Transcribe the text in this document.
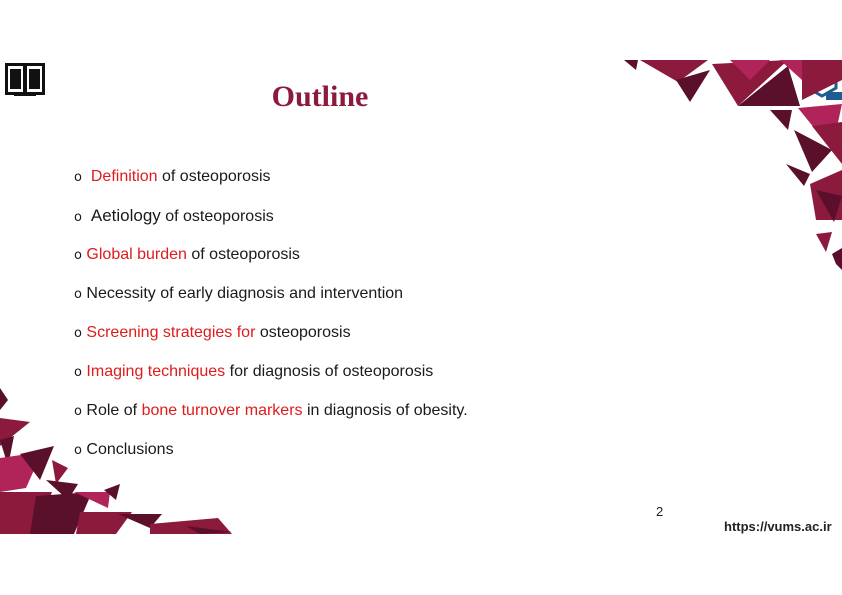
Outline
o Definition of osteoporosis
o Aetiology of osteoporosis
o Global burden of osteoporosis
o Necessity of early diagnosis and intervention
o Screening strategies for osteoporosis
o Imaging techniques for diagnosis of osteoporosis
o Role of bone turnover markers in diagnosis of obesity.
o Conclusions
2
https://vums.ac.ir
